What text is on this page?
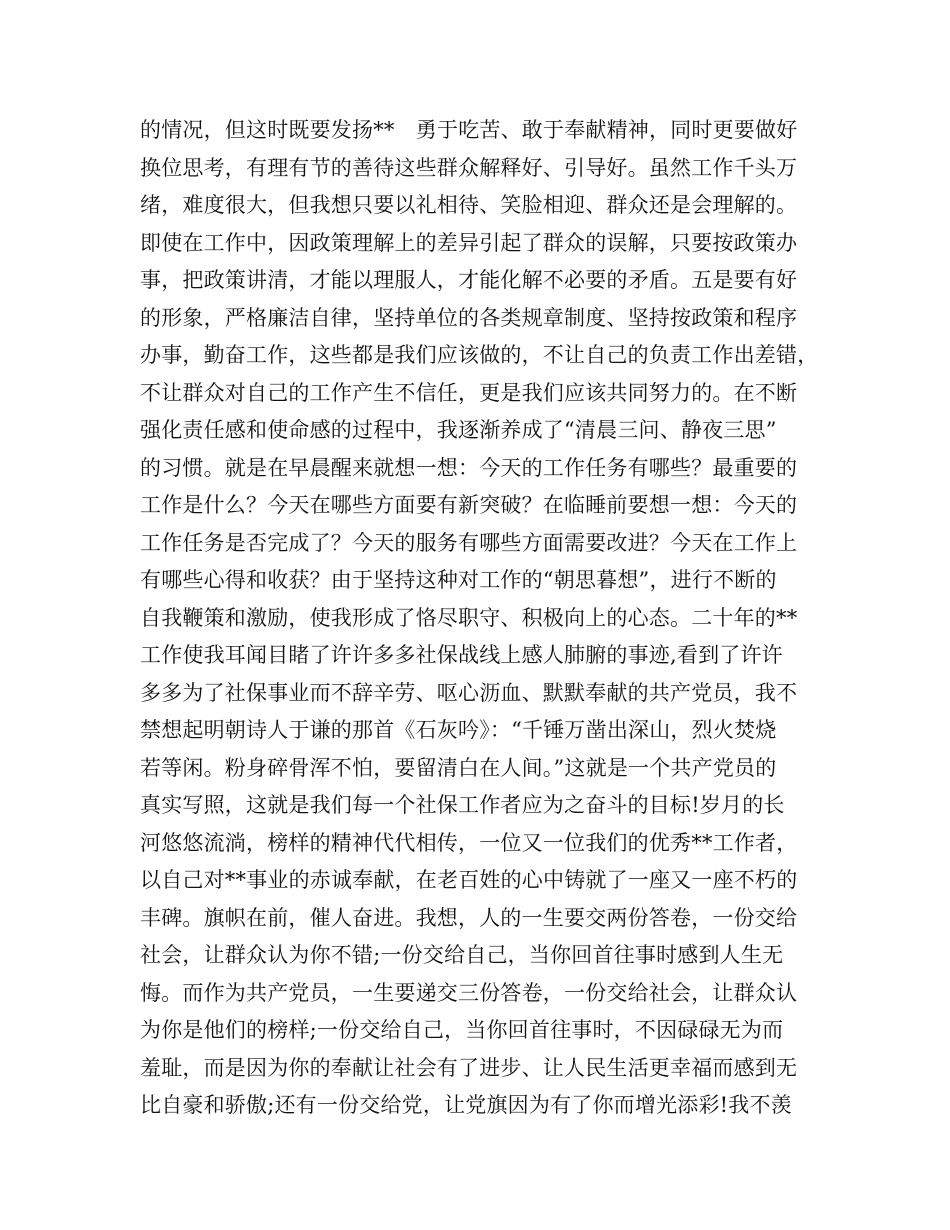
的情况，但这时既要发扬**　勇于吃苦、敢于奉献精神，同时更要做好
换位思考，有理有节的善待这些群众解释好、引导好。虽然工作千头万
绪，难度很大，但我想只要以礼相待、笑脸相迎、群众还是会理解的。
即使在工作中，因政策理解上的差异引起了群众的误解，只要按政策办
事，把政策讲清，才能以理服人，才能化解不必要的矛盾。五是要有好
的形象，严格廉洁自律，坚持单位的各类规章制度、坚持按政策和程序
办事，勤奋工作，这些都是我们应该做的，不让自己的负责工作出差错，
不让群众对自己的工作产生不信任，更是我们应该共同努力的。在不断
强化责任感和使命感的过程中，我逐渐养成了“清晨三问、静夜三思”
的习惯。就是在早晨醒来就想一想：今天的工作任务有哪些？最重要的
工作是什么？今天在哪些方面要有新突破？在临睡前要想一想：今天的
工作任务是否完成了？今天的服务有哪些方面需要改进？今天在工作上
有哪些心得和收获？由于坚持这种对工作的“朝思暮想”，进行不断的
自我鞭策和激励，使我形成了恪尽职守、积极向上的心态。二十年的**
工作使我耳闻目睹了许许多多社保战线上感人肺腑的事迹,看到了许许
多多为了社保事业而不辞辛劳、呕心沥血、默默奉献的共产党员，我不
禁想起明朝诗人于谦的那首《石灰吟》：“千锤万凿出深山，烈火焚烧
若等闲。粉身碎骨浑不怕，要留清白在人间。”这就是一个共产党员的
真实写照，这就是我们每一个社保工作者应为之奋斗的目标!岁月的长
河悠悠流淌，榜样的精神代代相传，一位又一位我们的优秀**工作者，
以自己对**事业的赤诚奉献，在老百姓的心中铸就了一座又一座不朽的
丰碑。旗帜在前，催人奋进。我想，人的一生要交两份答卷，一份交给
社会，让群众认为你不错;一份交给自己，当你回首往事时感到人生无
悔。而作为共产党员，一生要递交三份答卷，一份交给社会，让群众认
为你是他们的榜样;一份交给自己，当你回首往事时，不因碌碌无为而
羞耻，而是因为你的奉献让社会有了进步、让人民生活更幸福而感到无
比自豪和骄傲;还有一份交给党，让党旗因为有了你而增光添彩!我不羡
